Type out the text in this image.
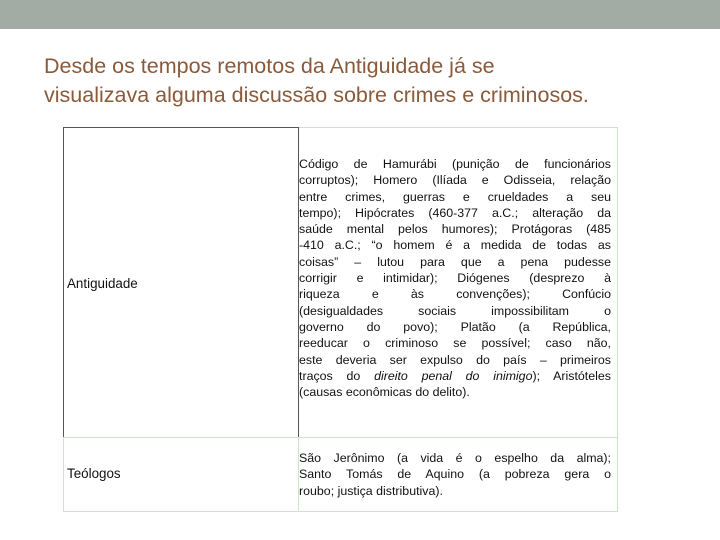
Desde os tempos remotos da Antiguidade já se
visualizava alguma discussão sobre crimes e criminosos.
Antiguidade
Código de Hamurábi (punição de funcionários
corruptos); Homero (Ilíada e Odisseia, relação
entre crimes, guerras e crueldades a seu
tempo); Hipócrates (460-377 a.C.; alteração da
saúde mental pelos humores); Protágoras (485
-410 a.C.; “o homem é a medida de todas as
coisas” – lutou para que a pena pudesse
corrigir e intimidar); Diógenes (desprezo à
riqueza e às convenções); Confúcio
(desigualdades sociais impossibilitam o
governo do povo); Platão (a República,
reeducar o criminoso se possível; caso não,
este deveria ser expulso do país – primeiros
traços do direito penal do inimigo); Aristóteles
(causas econômicas do delito).
Teólogos
São Jerônimo (a vida é o espelho da alma);
Santo Tomás de Aquino (a pobreza gera o
roubo; justiça distributiva).
